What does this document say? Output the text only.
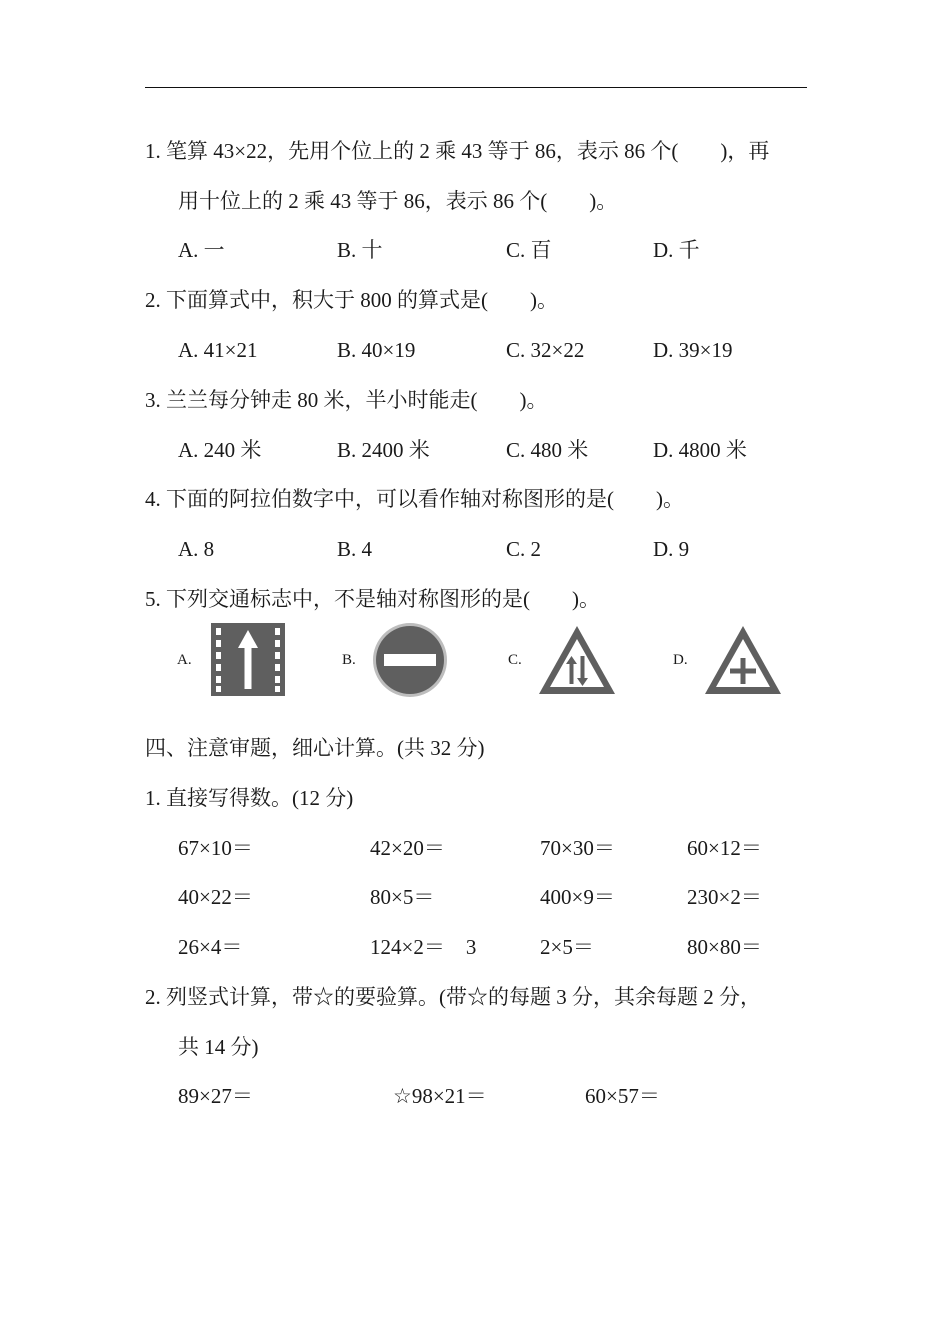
1. 笔算 43×22，先用个位上的 2 乘 43 等于 86，表示 86 个(　　)，再
用十位上的 2 乘 43 等于 86，表示 86 个(　　)。
A. 一	B. 十	C. 百	D. 千
2. 下面算式中，积大于 800 的算式是(　　)。
A. 41×21	B. 40×19	C. 32×22	D. 39×19
3. 兰兰每分钟走 80 米，半小时能走(　　)。
A. 240 米	B. 2400 米	C. 480 米	D. 4800 米
4. 下面的阿拉伯数字中，可以看作轴对称图形的是(　　)。
A. 8	B. 4	C. 2	D. 9
5. 下列交通标志中，不是轴对称图形的是(　　)。
A.	B.	C.	D.
四、注意审题，细心计算。(共 32 分)
1. 直接写得数。(12 分)
67×10＝	42×20＝	70×30＝	60×12＝
40×22＝	80×5＝	400×9＝	230×2＝
26×4＝	124×2＝　3	2×5＝	80×80＝
2. 列竖式计算，带☆的要验算。(带☆的每题 3 分，其余每题 2 分，
共 14 分)
89×27＝	☆98×21＝	60×57＝
